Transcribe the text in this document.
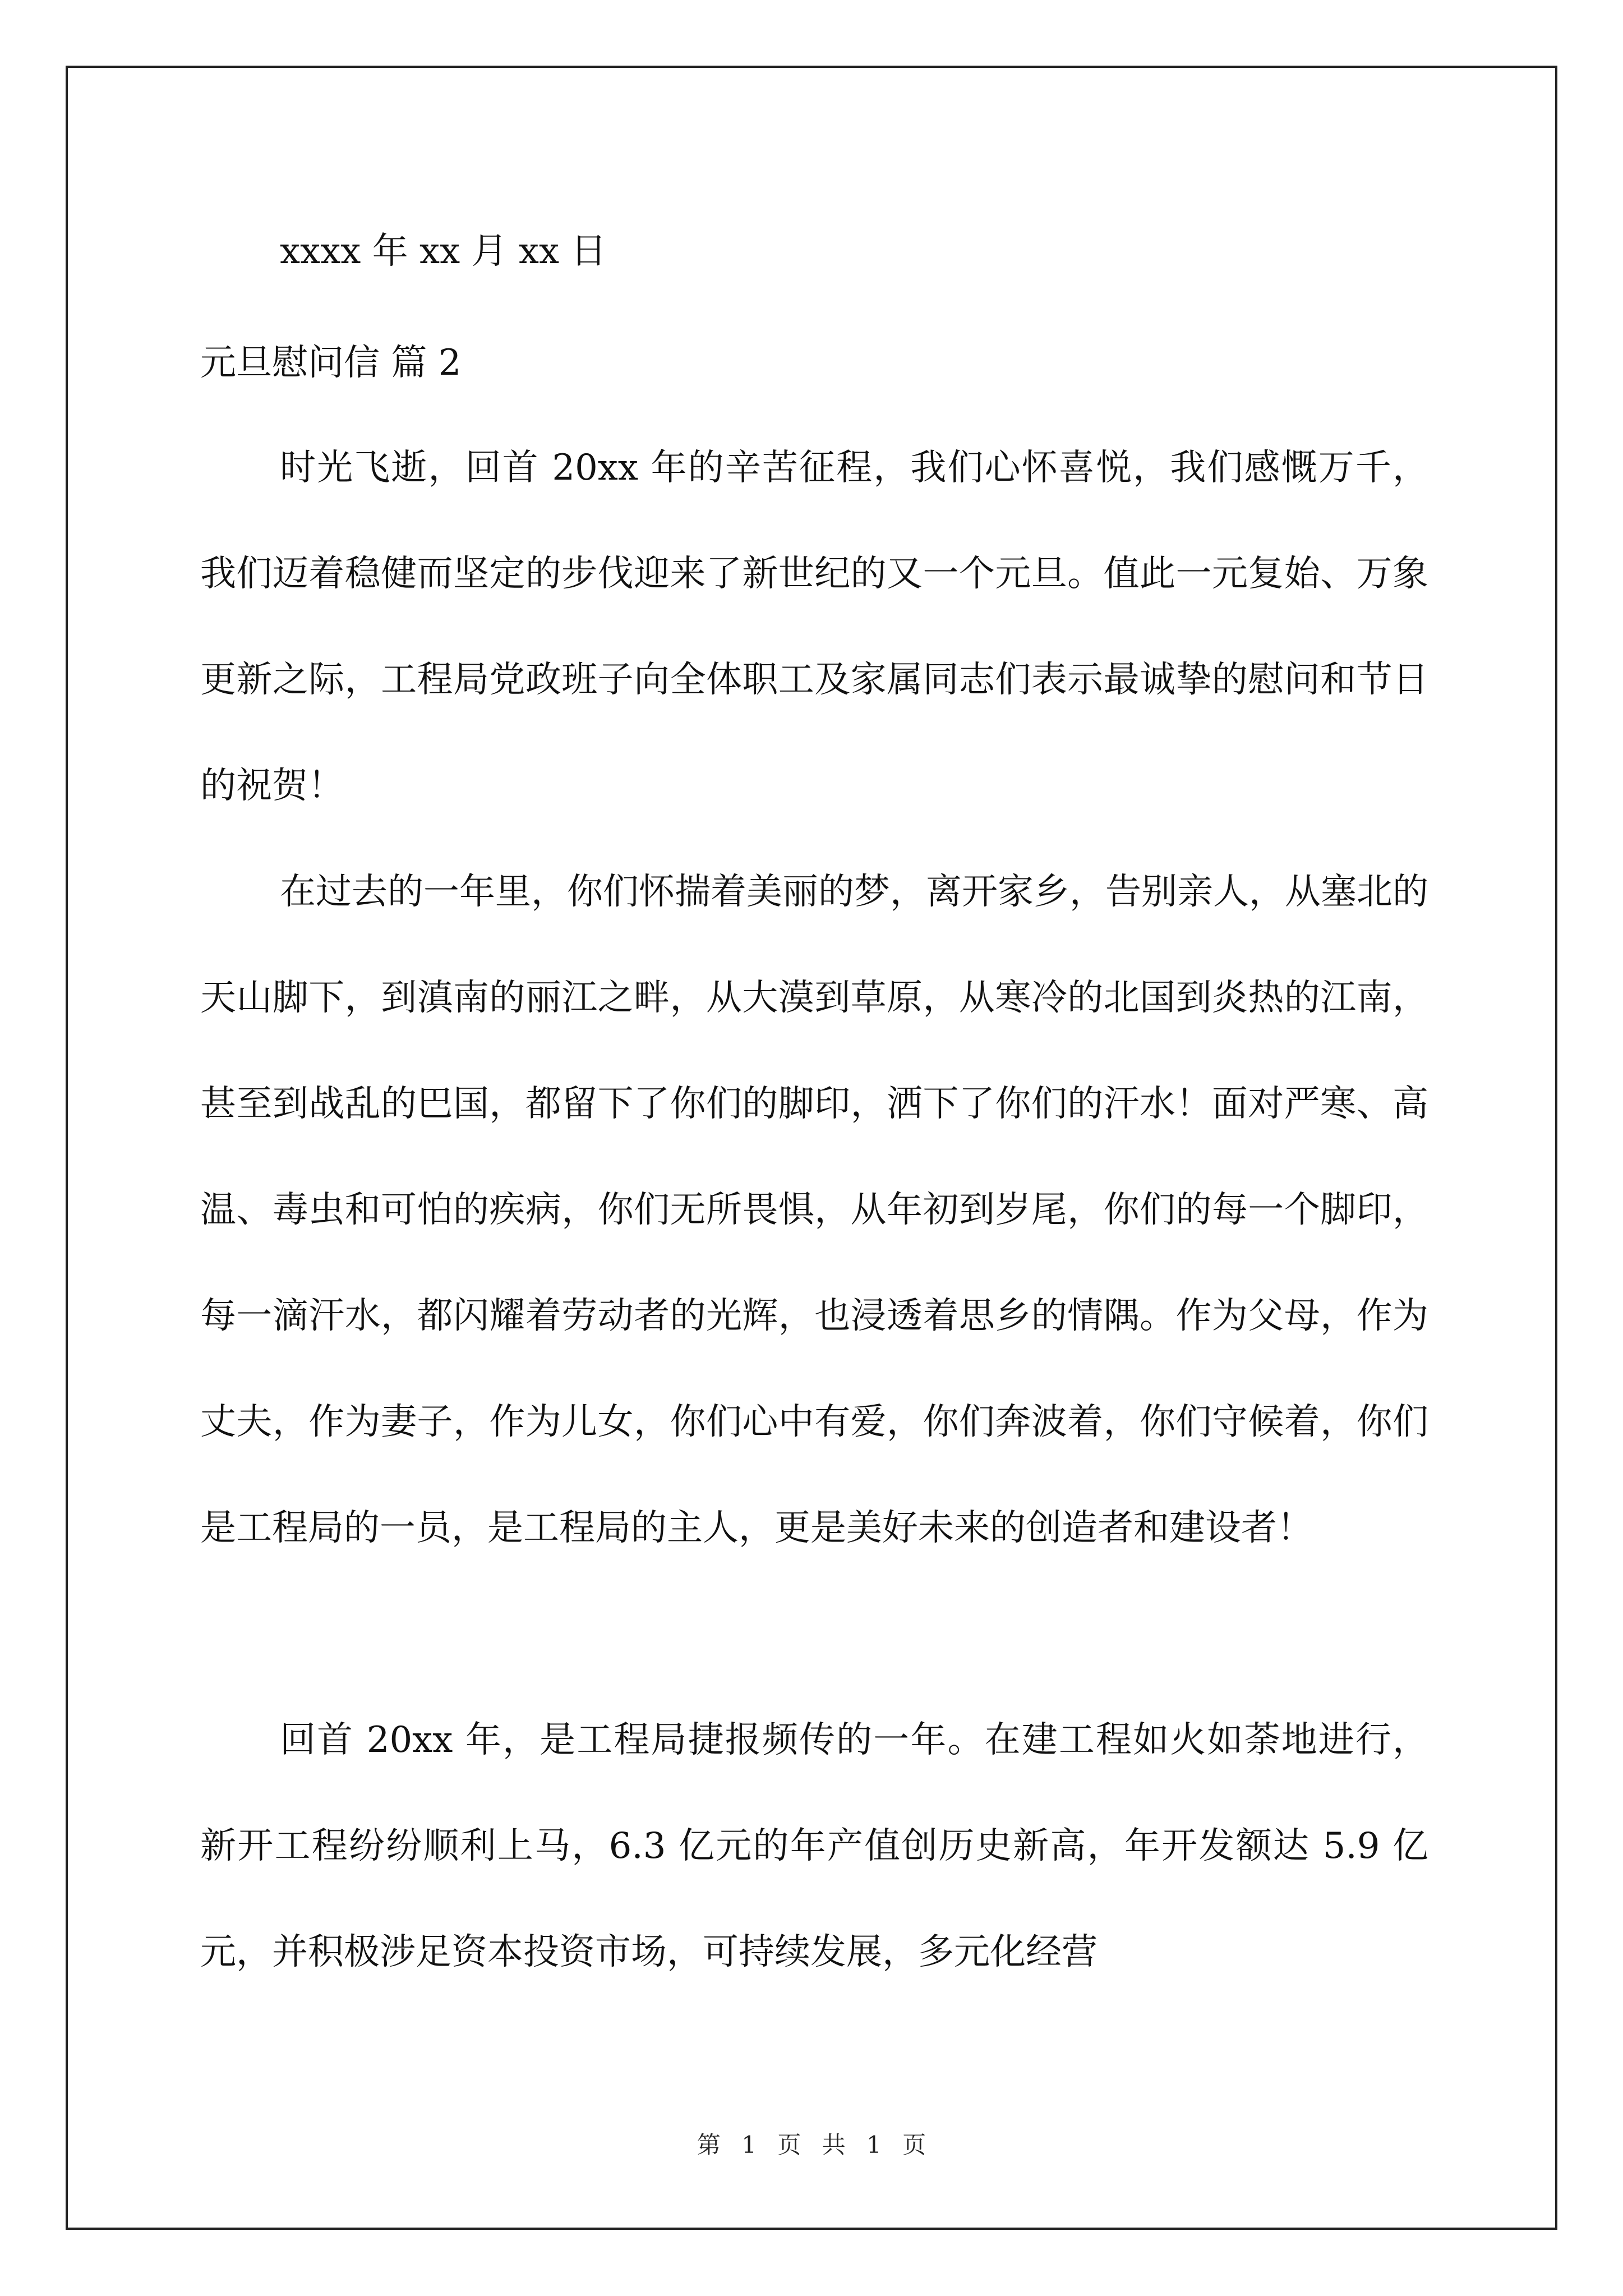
xxxx 年 xx 月 xx 日

元旦慰问信 篇 2

时光飞逝，回首 20xx 年的辛苦征程，我们心怀喜悦，我们感慨万千，我们迈着稳健而坚定的步伐迎来了新世纪的又一个元旦。值此一元复始、万象更新之际，工程局党政班子向全体职工及家属同志们表示最诚挚的慰问和节日的祝贺！

在过去的一年里，你们怀揣着美丽的梦，离开家乡，告别亲人，从塞北的天山脚下，到滇南的丽江之畔，从大漠到草原，从寒冷的北国到炎热的江南，甚至到战乱的巴国，都留下了你们的脚印，洒下了你们的汗水！面对严寒、高温、毒虫和可怕的疾病，你们无所畏惧，从年初到岁尾，你们的每一个脚印，每一滴汗水，都闪耀着劳动者的光辉，也浸透着思乡的情隅。作为父母，作为丈夫，作为妻子，作为儿女，你们心中有爱，你们奔波着，你们守候着，你们是工程局的一员，是工程局的主人，更是美好未来的创造者和建设者！

回首 20xx 年，是工程局捷报频传的一年。在建工程如火如荼地进行，新开工程纷纷顺利上马，6.3 亿元的年产值创历史新高，年开发额达 5.9 亿元，并积极涉足资本投资市场，可持续发展，多元化经营

第 1 页 共 1 页
